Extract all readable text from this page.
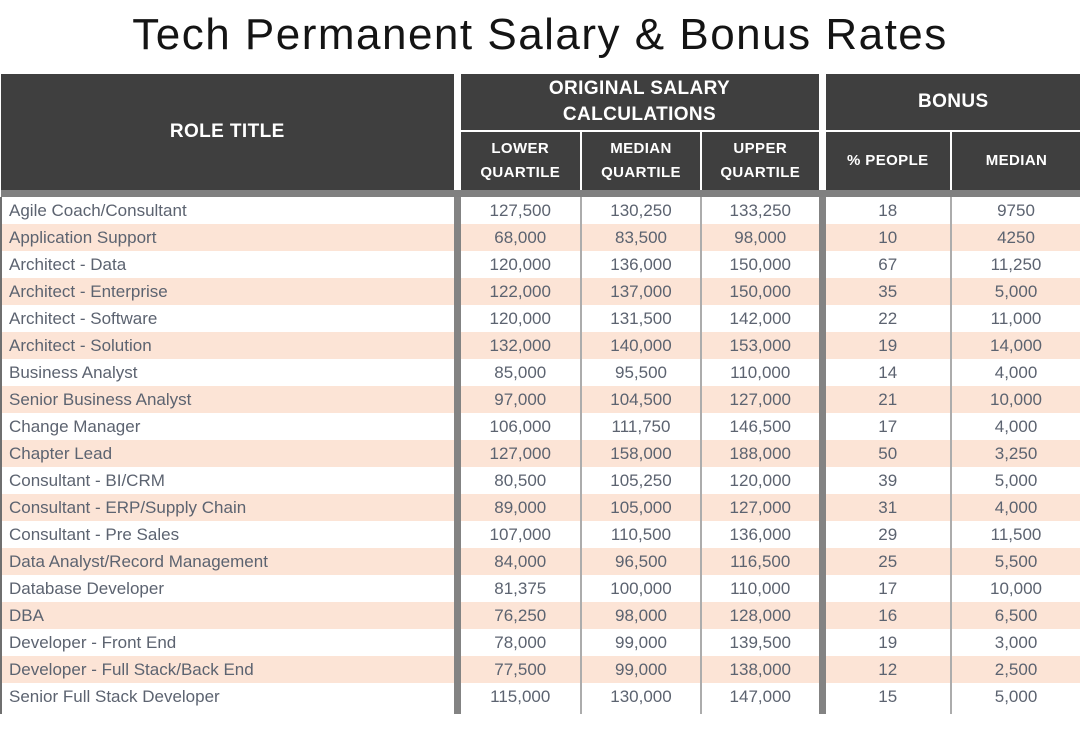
Tech Permanent Salary & Bonus Rates
ROLE TITLE	ORIGINAL SALARY CALCULATIONS			BONUS	
	LOWER QUARTILE	MEDIAN QUARTILE	UPPER QUARTILE	% PEOPLE	MEDIAN

Agile Coach/Consultant	127,500	130,250	133,250	18	9750
Application Support	68,000	83,500	98,000	10	4250
Architect - Data	120,000	136,000	150,000	67	11,250
Architect - Enterprise	122,000	137,000	150,000	35	5,000
Architect - Software	120,000	131,500	142,000	22	11,000
Architect - Solution	132,000	140,000	153,000	19	14,000
Business Analyst	85,000	95,500	110,000	14	4,000
Senior Business Analyst	97,000	104,500	127,000	21	10,000
Change Manager	106,000	111,750	146,500	17	4,000
Chapter Lead	127,000	158,000	188,000	50	3,250
Consultant - BI/CRM	80,500	105,250	120,000	39	5,000
Consultant - ERP/Supply Chain	89,000	105,000	127,000	31	4,000
Consultant - Pre Sales	107,000	110,500	136,000	29	11,500
Data Analyst/Record Management	84,000	96,500	116,500	25	5,500
Database Developer	81,375	100,000	110,000	17	10,000
DBA	76,250	98,000	128,000	16	6,500
Developer - Front End	78,000	99,000	139,500	19	3,000
Developer - Full Stack/Back End	77,500	99,000	138,000	12	2,500
Senior Full Stack Developer	115,000	130,000	147,000	15	5,000
